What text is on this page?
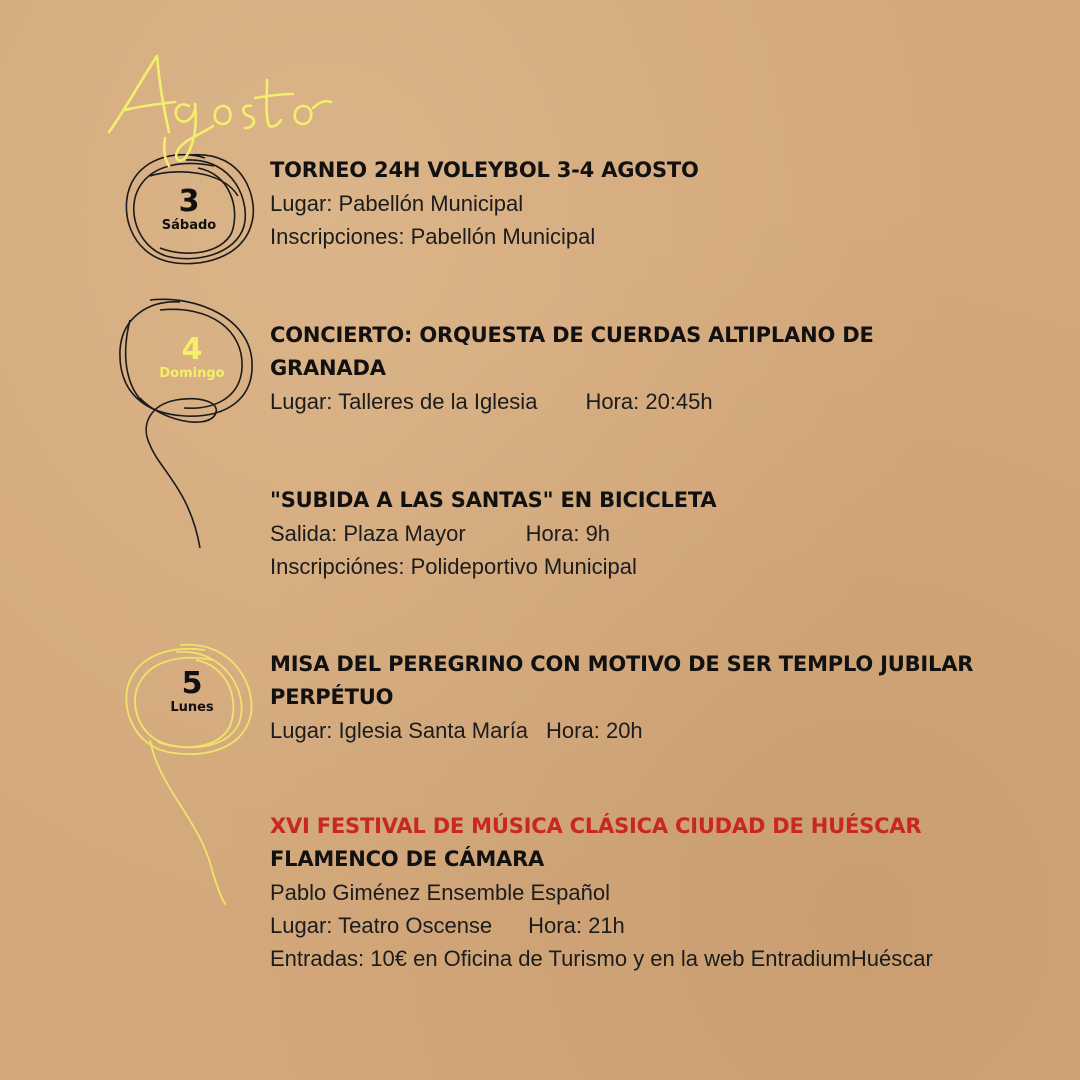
Agosto
3
Sábado
4
Domingo
5
Lunes
TORNEO 24H VOLEYBOL 3-4 AGOSTO
Lugar: Pabellón Municipal
Inscripciones: Pabellón Municipal
CONCIERTO: ORQUESTA DE CUERDAS ALTIPLANO DE
GRANADA
Lugar: Talleres de la Iglesia Hora: 20:45h
"SUBIDA A LAS SANTAS" EN BICICLETA
Salida: Plaza Mayor	Hora: 9h
Inscripciónes: Polideportivo Municipal
MISA DEL PEREGRINO CON MOTIVO DE SER TEMPLO JUBILAR
PERPÉTUO
Lugar: Iglesia Santa María Hora: 20h
XVI FESTIVAL DE MÚSICA CLÁSICA CIUDAD DE HUÉSCAR
FLAMENCO DE CÁMARA
Pablo Giménez Ensemble Español
Lugar: Teatro Oscense Hora: 21h
Entradas: 10€ en Oficina de Turismo y en la web EntradiumHuéscar
